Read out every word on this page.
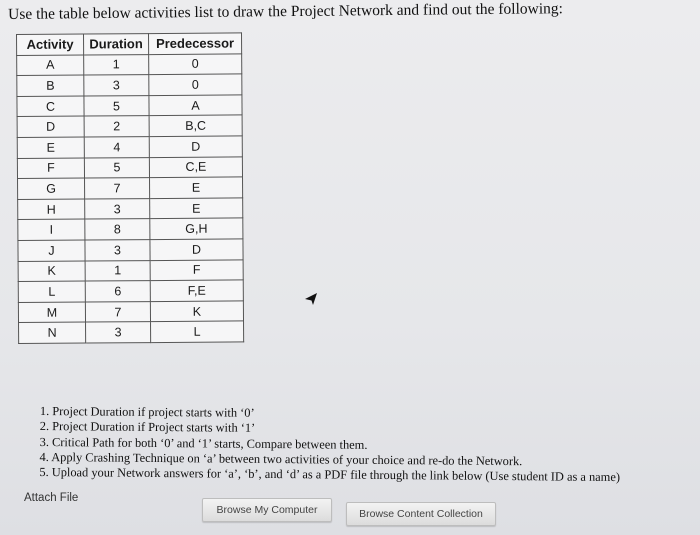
Use the table below activities list to draw the Project Network and find out the following:
Activity	Duration	Predecessor
A	1	0
B	3	0
C	5	A
D	2	B,C
E	4	D
F	5	C,E
G	7	E
H	3	E
I	8	G,H
J	3	D
K	1	F
L	6	F,E
M	7	K
N	3	L
1. Project Duration if project starts with ‘0’
2. Project Duration if Project starts with ‘1’
3. Critical Path for both ‘0’ and ‘1’ starts, Compare between them.
4. Apply Crashing Technique on ‘a’ between two activities of your choice and re-do the Network.
5. Upload your Network answers for ‘a’, ‘b’, and ‘d’ as a PDF file through the link below (Use student ID as a name)
Attach File
Browse My Computer	Browse Content Collection
